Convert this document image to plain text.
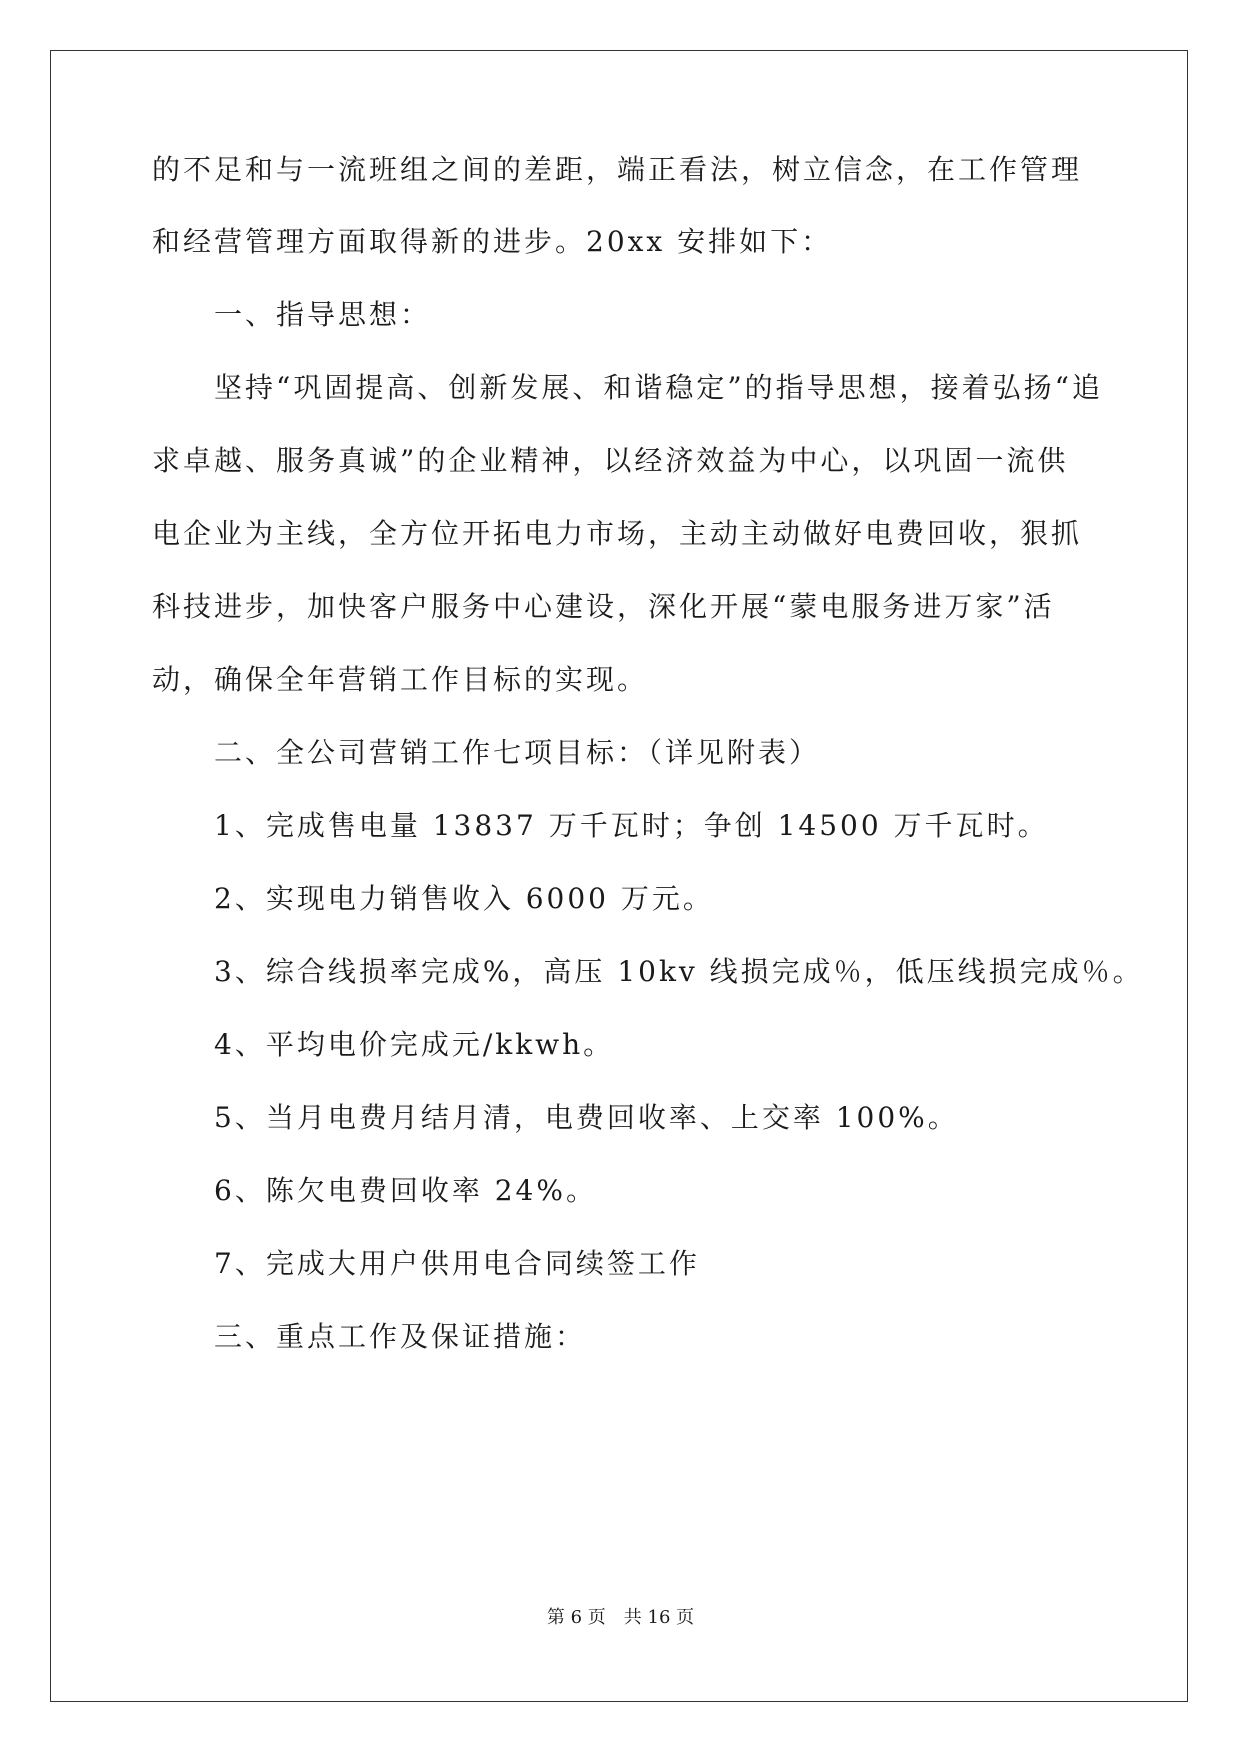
的不足和与一流班组之间的差距，端正看法，树立信念，在工作管理
和经营管理方面取得新的进步。20xx 安排如下：
一、指导思想：
坚持“巩固提高、创新发展、和谐稳定”的指导思想，接着弘扬“追
求卓越、服务真诚”的企业精神，以经济效益为中心，以巩固一流供
电企业为主线，全方位开拓电力市场，主动主动做好电费回收，狠抓
科技进步，加快客户服务中心建设，深化开展“蒙电服务进万家”活
动，确保全年营销工作目标的实现。
二、全公司营销工作七项目标：（详见附表）
1、完成售电量 13837 万千瓦时；争创 14500 万千瓦时。
2、实现电力销售收入 6000 万元。
3、综合线损率完成%，高压 10kv 线损完成％，低压线损完成％。
4、平均电价完成元/kkwh。
5、当月电费月结月清，电费回收率、上交率 100%。
6、陈欠电费回收率 24%。
7、完成大用户供用电合同续签工作
三、重点工作及保证措施：
第 6 页 共 16 页
